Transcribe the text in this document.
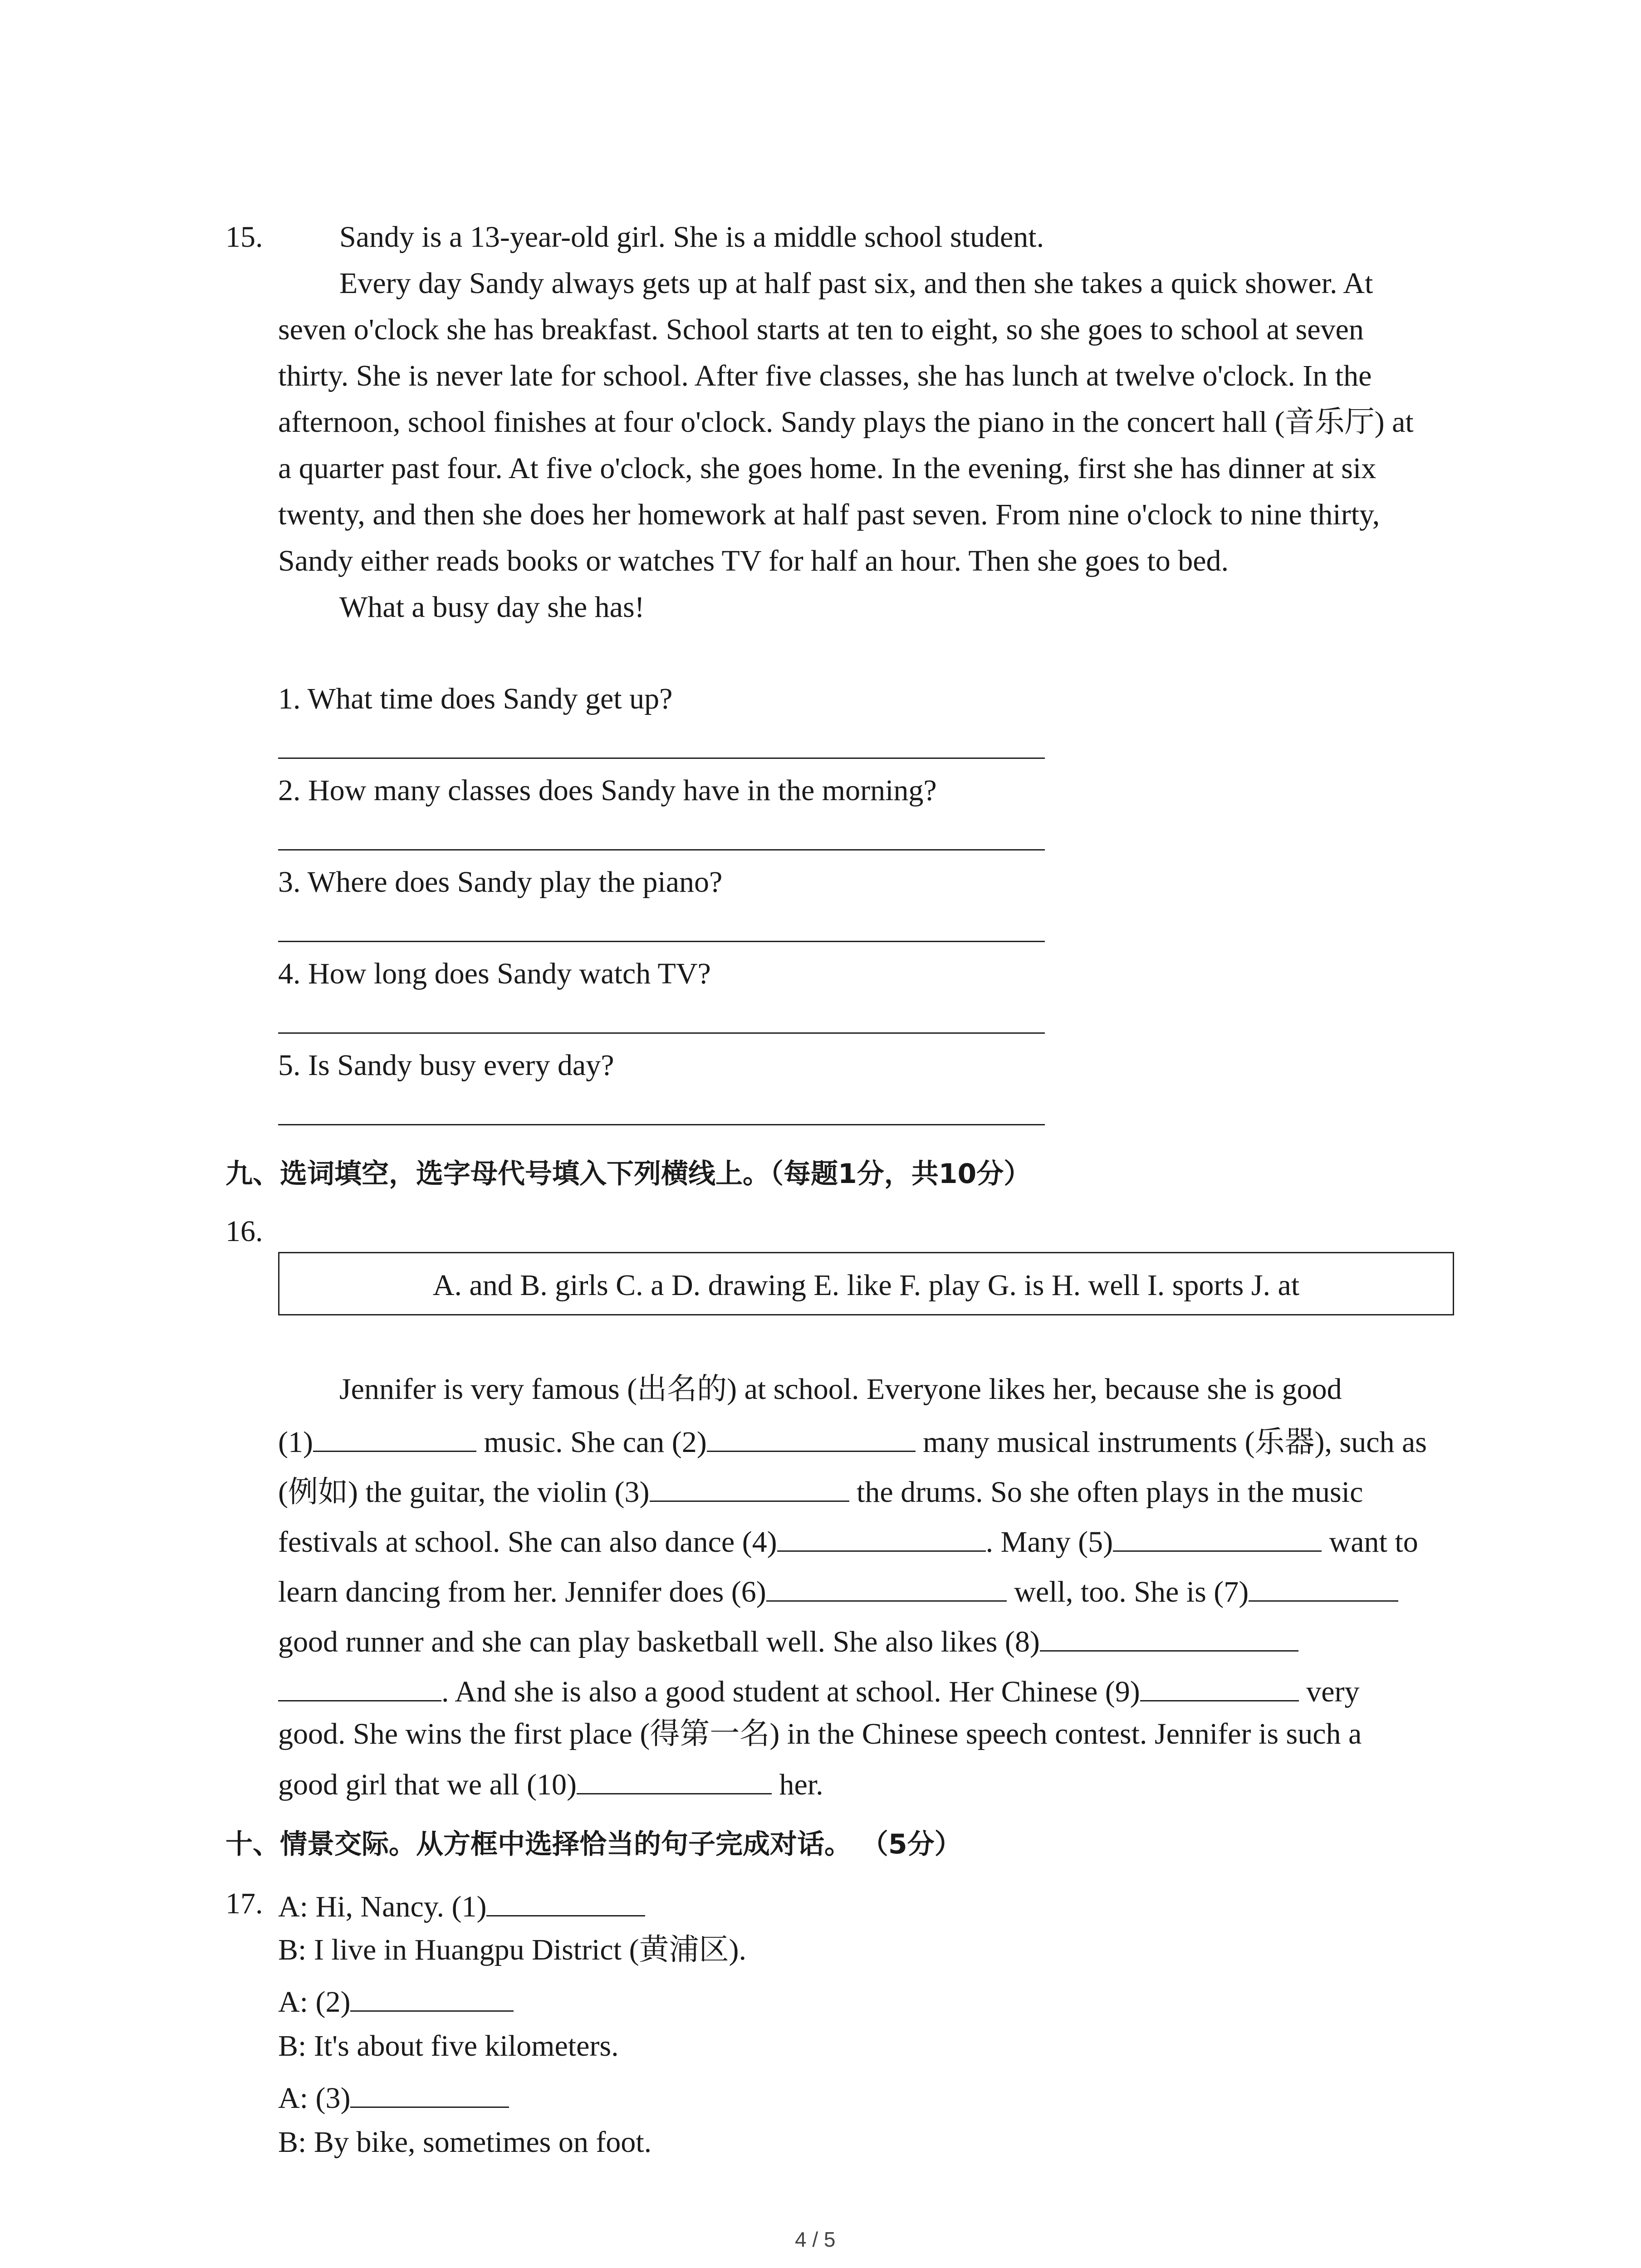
15.	Sandy is a 13-year-old girl. She is a middle school student.
Every day Sandy always gets up at half past six, and then she takes a quick shower. At
seven o'clock she has breakfast. School starts at ten to eight, so she goes to school at seven
thirty. She is never late for school. After five classes, she has lunch at twelve o'clock. In the
afternoon, school finishes at four o'clock. Sandy plays the piano in the concert hall (音乐厅) at
a quarter past four. At five o'clock, she goes home. In the evening, first she has dinner at six
twenty, and then she does her homework at half past seven. From nine o'clock to nine thirty,
Sandy either reads books or watches TV for half an hour. Then she goes to bed.
What a busy day she has!
1. What time does Sandy get up?
2. How many classes does Sandy have in the morning?
3. Where does Sandy play the piano?
4. How long does Sandy watch TV?
5. Is Sandy busy every day?
九、选词填空，选字母代号填入下列横线上。（每题1分，共10分）
16.
A. and B. girls C. a D. drawing E. like F. play G. is H. well I. sports J. at
Jennifer is very famous (出名的) at school. Everyone likes her, because she is good
(1)	music. She can (2)	many musical instruments (乐器), such as
(例如) the guitar, the violin (3)	the drums. So she often plays in the music
festivals at school. She can also dance (4)	. Many (5)	want to
learn dancing from her. Jennifer does (6)	well, too. She is (7)
good runner and she can play basketball well. She also likes (8)
. And she is also a good student at school. Her Chinese (9)	very
good. She wins the first place (得第一名) in the Chinese speech contest. Jennifer is such a
good girl that we all (10)	her.
十、情景交际。从方框中选择恰当的句子完成对话。 （5分）
17. A: Hi, Nancy. (1)
B: I live in Huangpu District (黄浦区).
A: (2)
B: It's about five kilometers.
A: (3)
B: By bike, sometimes on foot.
4 / 5
